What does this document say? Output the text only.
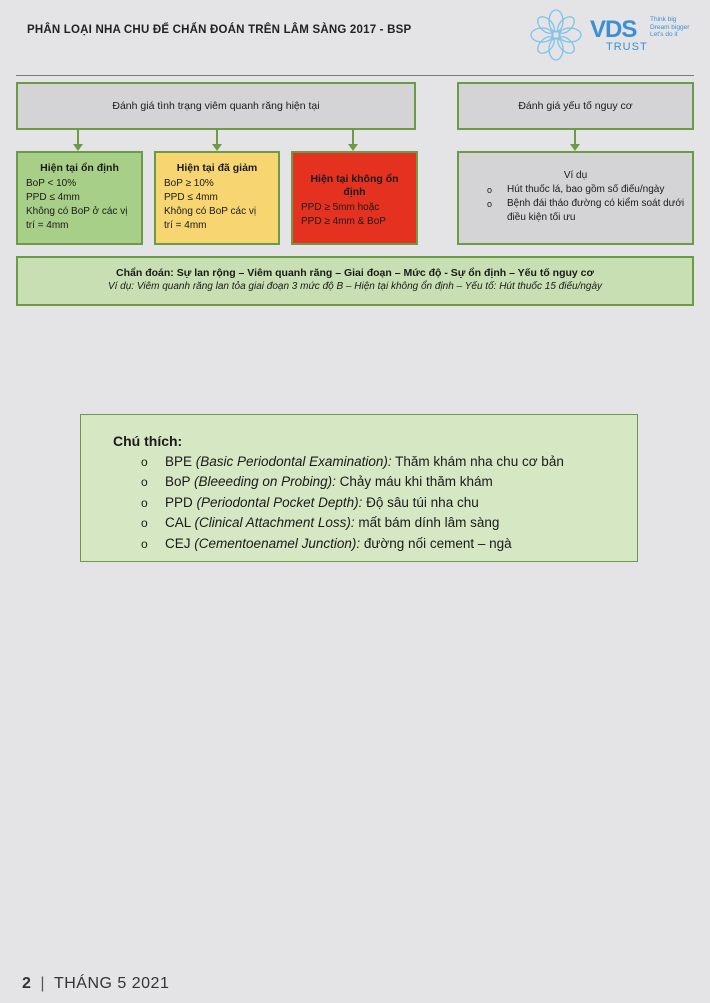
PHÂN LOẠI NHA CHU ĐỂ CHẨN ĐOÁN TRÊN LÂM SÀNG 2017 - BSP	VDS
TRUST
Think big
Dream bigger
Let's do it
Đánh giá tình trạng viêm quanh răng hiện tại	Đánh giá yếu tố nguy cơ
Hiện tại ổn định
BoP < 10%
PPD ≤ 4mm
Không có BoP ở các vị
trí = 4mm
Hiện tại đã giảm
BoP ≥ 10%
PPD ≤ 4mm
Không có BoP các vị
trí = 4mm
Hiện tại không ổn định
PPD ≥ 5mm hoặc
PPD ≥ 4mm & BoP
Ví dụ
o Hút thuốc lá, bao gồm số điếu/ngày
o Bệnh đái tháo đường có kiểm soát dưới điều kiện tối ưu
Chẩn đoán: Sự lan rộng – Viêm quanh răng – Giai đoạn – Mức độ - Sự ổn định – Yếu tố nguy cơ
Ví dụ: Viêm quanh răng lan tỏa giai đoạn 3 mức độ B – Hiện tại không ổn định – Yếu tố: Hút thuốc 15 điếu/ngày
Chú thích:
o BPE (Basic Periodontal Examination): Thăm khám nha chu cơ bản
o BoP (Bleeeding on Probing): Chảy máu khi thăm khám
o PPD (Periodontal Pocket Depth): Độ sâu túi nha chu
o CAL (Clinical Attachment Loss): mất bám dính lâm sàng
o CEJ (Cementoenamel Junction): đường nối cement – ngà
2 | THÁNG 5 2021
